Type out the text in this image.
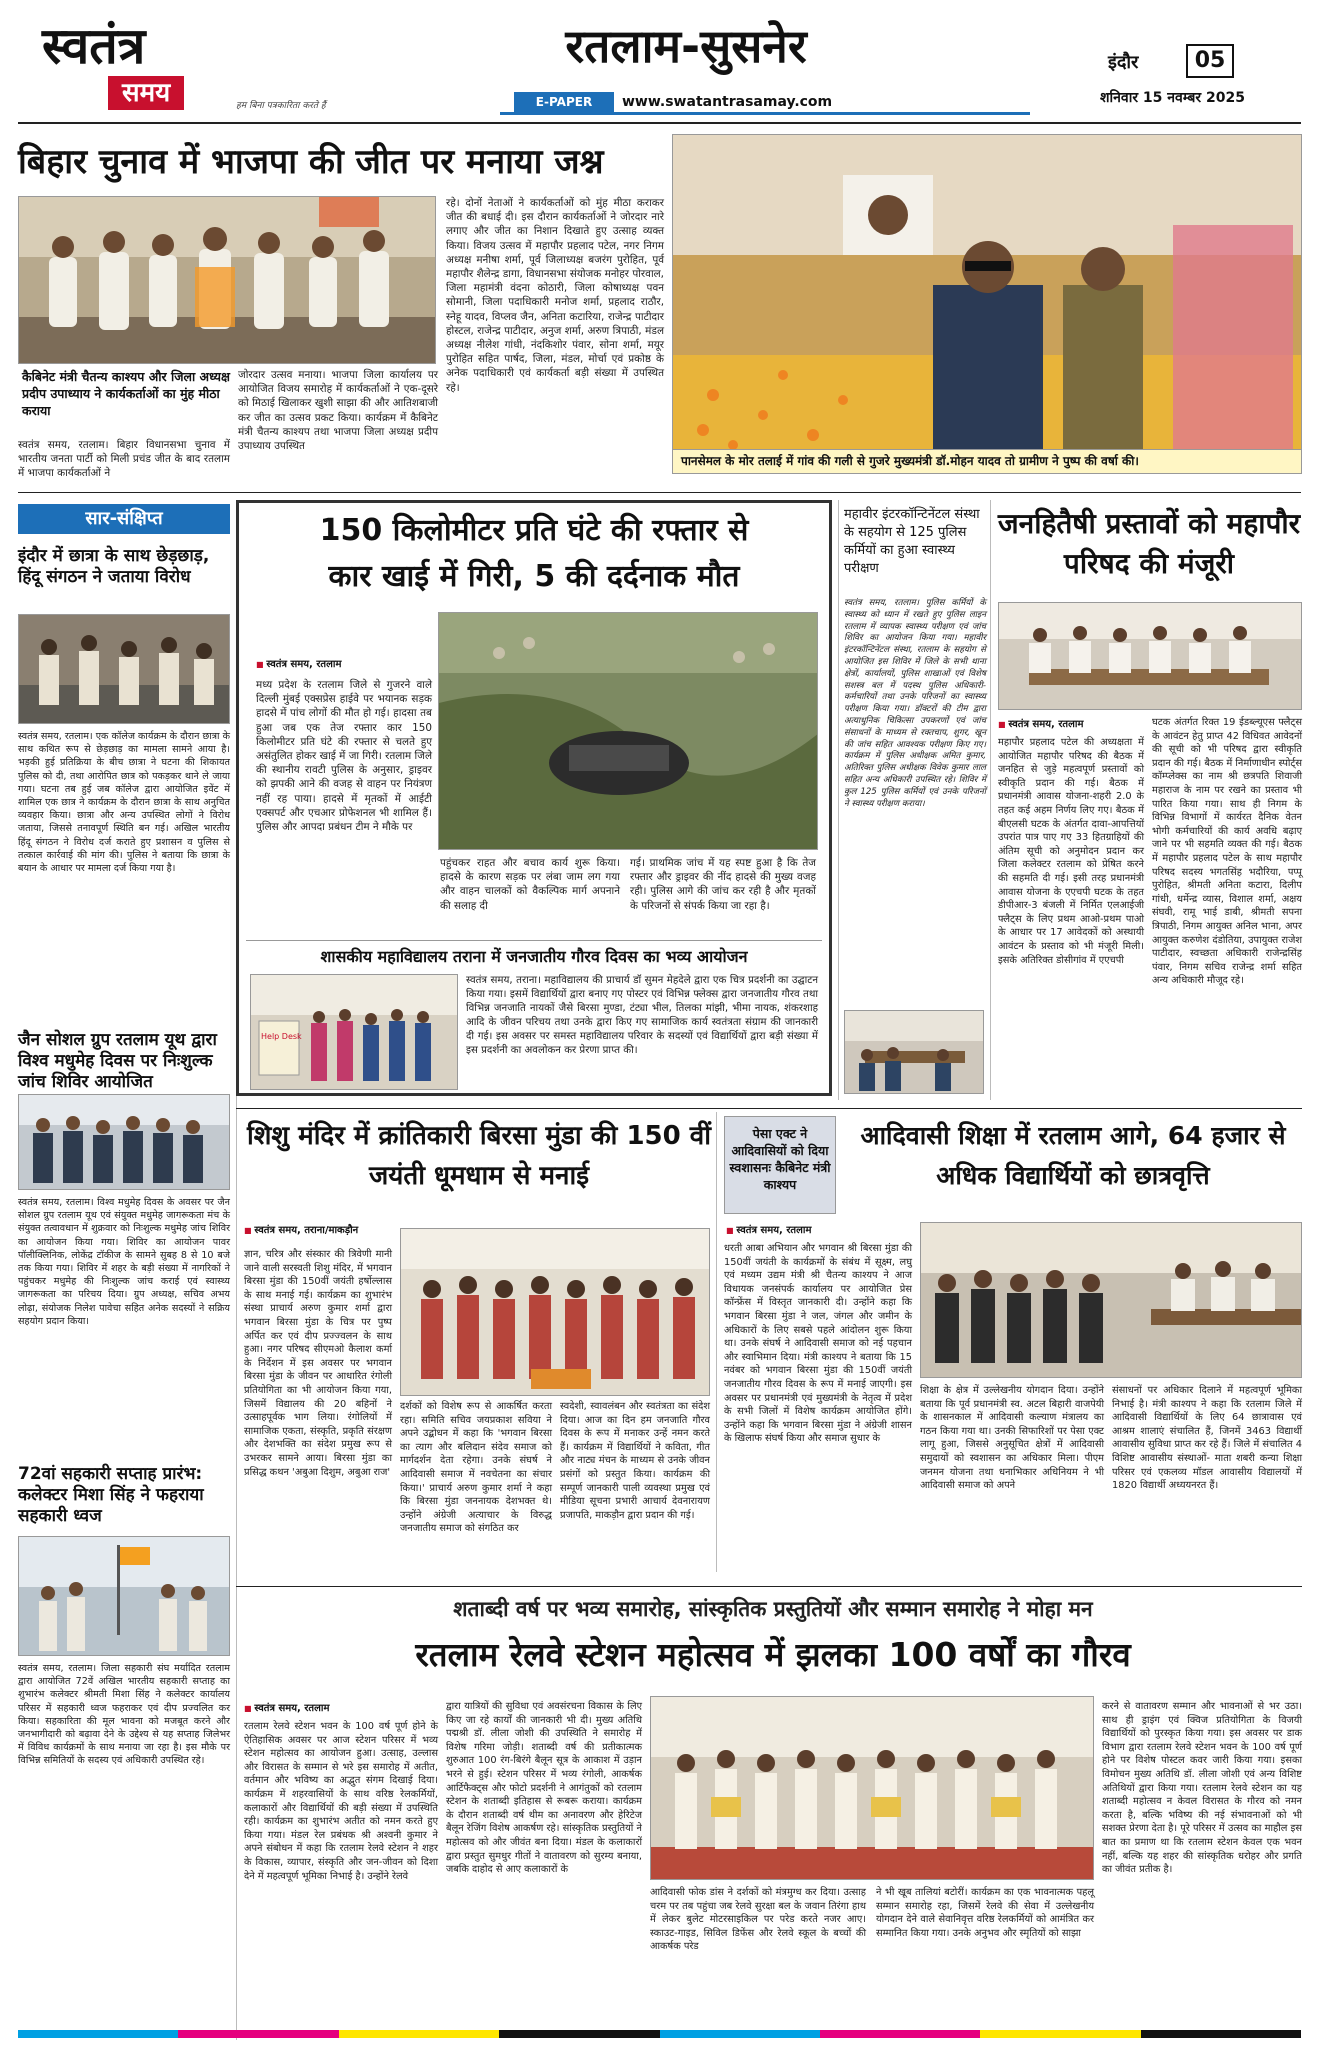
स्वतंत्र
समय	हम बिना पत्रकारिता करते हैं
रतलाम-सुसनेर
E-PAPER	www.swatantrasamay.com
इंदौर	05
शनिवार 15 नवम्बर 2025
बिहार चुनाव में भाजपा की जीत पर मनाया जश्न
कैबिनेट मंत्री चैतन्य काश्यप और जिला अध्यक्ष प्रदीप उपाध्याय ने कार्यकर्ताओं का मुंह मीठा कराया
स्वतंत्र समय, रतलाम। बिहार विधानसभा चुनाव में भारतीय जनता पार्टी को मिली प्रचंड जीत के बाद रतलाम में भाजपा कार्यकर्ताओं ने
जोरदार उत्सव मनाया। भाजपा जिला कार्यालय पर आयोजित विजय समारोह में कार्यकर्ताओं ने एक-दूसरे को मिठाई खिलाकर खुशी साझा की और आतिशबाजी कर जीत का उत्सव प्रकट किया। कार्यक्रम में कैबिनेट मंत्री चैतन्य काश्यप तथा भाजपा जिला अध्यक्ष प्रदीप उपाध्याय उपस्थित
रहे। दोनों नेताओं ने कार्यकर्ताओं को मुंह मीठा कराकर जीत की बधाई दी। इस दौरान कार्यकर्ताओं ने जोरदार नारे लगाए और जीत का निशान दिखाते हुए उत्साह व्यक्त किया। विजय उत्सव में महापौर प्रहलाद पटेल, नगर निगम अध्यक्ष मनीषा शर्मा, पूर्व जिलाध्यक्ष बजरंग पुरोहित, पूर्व महापौर शैलेन्द्र डागा, विधानसभा संयोजक मनोहर पोरवाल, जिला महामंत्री वंदना कोठारी, जिला कोषाध्यक्ष पवन सोमानी, जिला पदाधिकारी मनोज शर्मा, प्रहलाद राठौर, स्नेहू यादव, विप्लव जैन, अनिता कटारिया, राजेन्द्र पाटीदार होस्टल, राजेन्द्र पाटीदार, अनुज शर्मा, अरुण त्रिपाठी, मंडल अध्यक्ष नीलेश गांधी, नंदकिशोर पंवार, सोना शर्मा, मयूर पुरोहित सहित पार्षद, जिला, मंडल, मोर्चा एवं प्रकोष्ठ के अनेक पदाधिकारी एवं कार्यकर्ता बड़ी संख्या में उपस्थित रहे।
पानसेमल के मोर तलाई में गांव की गली से गुजरे मुख्यमंत्री डॉ.मोहन यादव तो ग्रामीण ने पुष्प की वर्षा की।
सार-संक्षिप्त
इंदौर में छात्रा के साथ छेड़छाड़, हिंदू संगठन ने जताया विरोध
स्वतंत्र समय, रतलाम। एक कॉलेज कार्यक्रम के दौरान छात्रा के साथ कथित रूप से छेड़छाड़ का मामला सामने आया है। भड़की हुई प्रतिक्रिया के बीच छात्रा ने घटना की शिकायत पुलिस को दी, तथा आरोपित छात्र को पकड़कर थाने ले जाया गया। घटना तब हुई जब कॉलेज द्वारा आयोजित इवेंट में शामिल एक छात्र ने कार्यक्रम के दौरान छात्रा के साथ अनुचित व्यवहार किया। छात्रा और अन्य उपस्थित लोगों ने विरोध जताया, जिससे तनावपूर्ण स्थिति बन गई। अखिल भारतीय हिंदू संगठन ने विरोध दर्ज कराते हुए प्रशासन व पुलिस से तत्काल कार्रवाई की मांग की। पुलिस ने बताया कि छात्रा के बयान के आधार पर मामला दर्ज किया गया है।
जैन सोशल ग्रुप रतलाम यूथ द्वारा विश्व मधुमेह दिवस पर निःशुल्क जांच शिविर आयोजित
स्वतंत्र समय, रतलाम। विश्व मधुमेह दिवस के अवसर पर जैन सोशल ग्रुप रतलाम यूथ एवं संयुक्त मधुमेह जागरूकता मंच के संयुक्त तत्वावधान में शुक्रवार को निःशुल्क मधुमेह जांच शिविर का आयोजन किया गया। शिविर का आयोजन पावर पॉलीक्लिनिक, लोकेंद्र टॉकीज के सामने सुबह 8 से 10 बजे तक किया गया। शिविर में शहर के बड़ी संख्या में नागरिकों ने पहुंचकर मधुमेह की निःशुल्क जांच कराई एवं स्वास्थ्य जागरूकता का परिचय दिया। ग्रुप अध्यक्ष, सचिव अभय लोढ़ा, संयोजक निलेश पावेचा सहित अनेक सदस्यों ने सक्रिय सहयोग प्रदान किया।
72वां सहकारी सप्ताह प्रारंभ: कलेक्टर मिशा सिंह ने फहराया सहकारी ध्वज
स्वतंत्र समय, रतलाम। जिला सहकारी संघ मर्यादित रतलाम द्वारा आयोजित 72वें अखिल भारतीय सहकारी सप्ताह का शुभारंभ कलेक्टर श्रीमती मिशा सिंह ने कलेक्टर कार्यालय परिसर में सहकारी ध्वज फहराकर एवं दीप प्रज्वलित कर किया। सहकारिता की मूल भावना को मजबूत करने और जनभागीदारी को बढ़ावा देने के उद्देश्य से यह सप्ताह जिलेभर में विविध कार्यक्रमों के साथ मनाया जा रहा है। इस मौके पर विभिन्न समितियों के सदस्य एवं अधिकारी उपस्थित रहे।
150 किलोमीटर प्रति घंटे की रफ्तार से
कार खाई में गिरी, 5 की दर्दनाक मौत
■ स्वतंत्र समय, रतलाम
मध्य प्रदेश के रतलाम जिले से गुजरने वाले दिल्ली मुंबई एक्सप्रेस हाईवे पर भयानक सड़क हादसे में पांच लोगों की मौत हो गई। हादसा तब हुआ जब एक तेज रफ्तार कार 150 किलोमीटर प्रति घंटे की रफ्तार से चलते हुए असंतुलित होकर खाई में जा गिरी। रतलाम जिले की स्थानीय रावटी पुलिस के अनुसार, ड्राइवर को झपकी आने की वजह से वाहन पर नियंत्रण नहीं रह पाया। हादसे में मृतकों में आईटी एक्सपर्ट और एचआर प्रोफेशनल भी शामिल हैं। पुलिस और आपदा प्रबंधन टीम ने मौके पर
पहुंचकर राहत और बचाव कार्य शुरू किया। हादसे के कारण सड़क पर लंबा जाम लग गया और वाहन चालकों को वैकल्पिक मार्ग अपनाने की सलाह दी
गई। प्राथमिक जांच में यह स्पष्ट हुआ है कि तेज रफ्तार और ड्राइवर की नींद हादसे की मुख्य वजह रही। पुलिस आगे की जांच कर रही है और मृतकों के परिजनों से संपर्क किया जा रहा है।
शासकीय महाविद्यालय तराना में जनजातीय गौरव दिवस का भव्य आयोजन
Help Desk
स्वतंत्र समय, तराना। महाविद्यालय की प्राचार्य डॉ सुमन मेहदेले द्वारा एक चित्र प्रदर्शनी का उद्घाटन किया गया। इसमें विद्यार्थियों द्वारा बनाए गए पोस्टर एवं विभिन्न फ्लेक्स द्वारा जनजातीय गौरव तथा विभिन्न जनजाति नायकों जैसे बिरसा मुण्डा, टंट्या भील, तिलका मांझी, भीमा नायक, शंकरशाह आदि के जीवन परिचय तथा उनके द्वारा किए गए सामाजिक कार्य स्वतंत्रता संग्राम की जानकारी दी गई। इस अवसर पर समस्त महाविद्यालय परिवार के सदस्यों एवं विद्यार्थियों द्वारा बड़ी संख्या में इस प्रदर्शनी का अवलोकन कर प्रेरणा प्राप्त की।
महावीर इंटरकॉन्टिनेंटल संस्था के सहयोग से 125 पुलिस कर्मियों का हुआ स्वास्थ्य परीक्षण
स्वतंत्र समय, रतलाम। पुलिस कर्मियों के स्वास्थ्य को ध्यान में रखते हुए पुलिस लाइन रतलाम में व्यापक स्वास्थ्य परीक्षण एवं जांच शिविर का आयोजन किया गया। महावीर इंटरकॉन्टिनेंटल संस्था, रतलाम के सहयोग से आयोजित इस शिविर में जिले के सभी थाना क्षेत्रों, कार्यालयों, पुलिस शाखाओं एवं विशेष सशस्त्र बल में पदस्थ पुलिस अधिकारी-कर्मचारियों तथा उनके परिजनों का स्वास्थ्य परीक्षण किया गया। डॉक्टरों की टीम द्वारा अत्याधुनिक चिकित्सा उपकरणों एवं जांच संसाधनों के माध्यम से रक्तचाप, शुगर, खून की जांच सहित आवश्यक परीक्षण किए गए। कार्यक्रम में पुलिस अधीक्षक अमित कुमार, अतिरिक्त पुलिस अधीक्षक विवेक कुमार लाल सहित अन्य अधिकारी उपस्थित रहे। शिविर में कुल 125 पुलिस कर्मियों एवं उनके परिजनों ने स्वास्थ्य परीक्षण कराया।
जनहितैषी प्रस्तावों को महापौर परिषद की मंजूरी
■ स्वतंत्र समय, रतलाम
महापौर प्रहलाद पटेल की अध्यक्षता में आयोजित महापौर परिषद की बैठक में जनहित से जुड़े महत्वपूर्ण प्रस्तावों को स्वीकृति प्रदान की गई। बैठक में प्रधानमंत्री आवास योजना-शहरी 2.0 के तहत कई अहम निर्णय लिए गए। बैठक में बीएलसी घटक के अंतर्गत दावा-आपत्तियों उपरांत पात्र पाए गए 33 हितग्राहियों की अंतिम सूची को अनुमोदन प्रदान कर जिला कलेक्टर रतलाम को प्रेषित करने की सहमति दी गई। इसी तरह प्रधानमंत्री आवास योजना के एएचपी घटक के तहत डीपीआर-3 बंजली में निर्मित एलआईजी फ्लैट्स के लिए प्रथम आओ-प्रथम पाओ के आधार पर 17 आवेदकों को अस्थायी आवंटन के प्रस्ताव को भी मंजूरी मिली। इसके अतिरिक्त डोसीगांव में एएचपी
घटक अंतर्गत रिक्त 19 ईडब्ल्यूएस फ्लैट्स के आवंटन हेतु प्राप्त 42 विधिवत आवेदनों की सूची को भी परिषद द्वारा स्वीकृति प्रदान की गई। बैठक में निर्माणाधीन स्पोर्ट्स कॉम्प्लेक्स का नाम श्री छत्रपति शिवाजी महाराज के नाम पर रखने का प्रस्ताव भी पारित किया गया। साथ ही निगम के विभिन्न विभागों में कार्यरत दैनिक वेतन भोगी कर्मचारियों की कार्य अवधि बढ़ाए जाने पर भी सहमति व्यक्त की गई। बैठक में महापौर प्रहलाद पटेल के साथ महापौर परिषद सदस्य भगतसिंह भदौरिया, पप्पू पुरोहित, श्रीमती अनिता कटारा, दिलीप गांधी, धर्मेन्द्र व्यास, विशाल शर्मा, अक्षय संघवी, रामू भाई डाबी, श्रीमती सपना त्रिपाठी, निगम आयुक्त अनिल भाना, अपर आयुक्त करुणेश दंडोतिया, उपायुक्त राजेश पाटीदार, स्वच्छता अधिकारी राजेन्द्रसिंह पंवार, निगम सचिव राजेन्द्र शर्मा सहित अन्य अधिकारी मौजूद रहे।
शिशु मंदिर में क्रांतिकारी बिरसा मुंडा की 150 वीं जयंती धूमधाम से मनाई
■ स्वतंत्र समय, तराना/माकड़ौन
ज्ञान, चरित्र और संस्कार की त्रिवेणी मानी जाने वाली सरस्वती शिशु मंदिर, में भगवान बिरसा मुंडा की 150वीं जयंती हर्षोल्लास के साथ मनाई गई। कार्यक्रम का शुभारंभ संस्था प्राचार्य अरुण कुमार शर्मा द्वारा भगवान बिरसा मुंडा के चित्र पर पुष्प अर्पित कर एवं दीप प्रज्ज्वलन के साथ हुआ। नगर परिषद सीएमओ कैलाश कर्मा के निर्देशन में इस अवसर पर भगवान बिरसा मुंडा के जीवन पर आधारित रंगोली प्रतियोगिता का भी आयोजन किया गया, जिसमें विद्यालय की 20 बहिनों ने उत्साहपूर्वक भाग लिया। रंगोलियों में सामाजिक एकता, संस्कृति, प्रकृति संरक्षण और देशभक्ति का संदेश प्रमुख रूप से उभरकर सामने आया। बिरसा मुंडा का प्रसिद्ध कथन 'अबुआ दिशुम, अबुआ राज'
दर्शकों को विशेष रूप से आकर्षित करता रहा। समिति सचिव जयप्रकाश सविया ने अपने उद्बोधन में कहा कि 'भगवान बिरसा का त्याग और बलिदान संदेव समाज को मार्गदर्शन देता रहेगा। उनके संघर्ष ने आदिवासी समाज में नवचेतना का संचार किया।' प्राचार्य अरुण कुमार शर्मा ने कहा कि बिरसा मुंडा जननायक देशभक्त थे। उन्होंने अंग्रेजी अत्याचार के विरुद्ध जनजातीय समाज को संगठित कर
स्वदेशी, स्वावलंबन और स्वतंत्रता का संदेश दिया। आज का दिन हम जनजाति गौरव दिवस के रूप में मनाकर उन्हें नमन करते हैं। कार्यक्रम में विद्यार्थियों ने कविता, गीत और नाट्य मंचन के माध्यम से उनके जीवन प्रसंगों को प्रस्तुत किया। कार्यक्रम की सम्पूर्ण जानकारी पाली व्यवस्था प्रमुख एवं मीडिया सूचना प्रभारी आचार्य देवनारायण प्रजापति, माकड़ौन द्वारा प्रदान की गई।
पेसा एक्ट ने आदिवासियों को दिया स्वशासनः कैबिनेट मंत्री काश्यप
आदिवासी शिक्षा में रतलाम आगे, 64 हजार से अधिक विद्यार्थियों को छात्रवृत्ति
■ स्वतंत्र समय, रतलाम
धरती आबा अभियान और भगवान श्री बिरसा मुंडा की 150वीं जयंती के कार्यक्रमों के संबंध में सूक्ष्म, लघु एवं मध्यम उद्यम मंत्री श्री चैतन्य काश्यप ने आज विधायक जनसंपर्क कार्यालय पर आयोजित प्रेस कॉन्फ्रेंस में विस्तृत जानकारी दी। उन्होंने कहा कि भगवान बिरसा मुंडा ने जल, जंगल और जमीन के अधिकारों के लिए सबसे पहले आंदोलन शुरू किया था। उनके संघर्ष ने आदिवासी समाज को नई पहचान और स्वाभिमान दिया। मंत्री काश्यप ने बताया कि 15 नवंबर को भगवान बिरसा मुंडा की 150वीं जयंती जनजातीय गौरव दिवस के रूप में मनाई जाएगी। इस अवसर पर प्रधानमंत्री एवं मुख्यमंत्री के नेतृत्व में प्रदेश के सभी जिलों में विशेष कार्यक्रम आयोजित होंगे। उन्होंने कहा कि भगवान बिरसा मुंडा ने अंग्रेजी शासन के खिलाफ संघर्ष किया और समाज सुधार के
शिक्षा के क्षेत्र में उल्लेखनीय योगदान दिया। उन्होंने बताया कि पूर्व प्रधानमंत्री स्व. अटल बिहारी वाजपेयी के शासनकाल में आदिवासी कल्याण मंत्रालय का गठन किया गया था। उनकी सिफारिशों पर पेसा एक्ट लागू हुआ, जिससे अनुसूचित क्षेत्रों में आदिवासी समुदायों को स्वशासन का अधिकार मिला। पीएम जनमन योजना तथा धनाभिकार अधिनियम ने भी आदिवासी समाज को अपने
संसाधनों पर अधिकार दिलाने में महत्वपूर्ण भूमिका निभाई है। मंत्री काश्यप ने कहा कि रतलाम जिले में आदिवासी विद्यार्थियों के लिए 64 छात्रावास एवं आश्रम शालाएं संचालित हैं, जिनमें 3463 विद्यार्थी आवासीय सुविधा प्राप्त कर रहे हैं। जिले में संचालित 4 विशिष्ट आवासीय संस्थाओं- माता शबरी कन्या शिक्षा परिसर एवं एकलव्य मॉडल आवासीय विद्यालयों में 1820 विद्यार्थी अध्ययनरत हैं।
शताब्दी वर्ष पर भव्य समारोह, सांस्कृतिक प्रस्तुतियों और सम्मान समारोह ने मोहा मन
रतलाम रेलवे स्टेशन महोत्सव में झलका 100 वर्षों का गौरव
■ स्वतंत्र समय, रतलाम
रतलाम रेलवे स्टेशन भवन के 100 वर्ष पूर्ण होने के ऐतिहासिक अवसर पर आज स्टेशन परिसर में भव्य स्टेशन महोत्सव का आयोजन हुआ। उत्साह, उल्लास और विरासत के सम्मान से भरे इस समारोह में अतीत, वर्तमान और भविष्य का अद्भुत संगम दिखाई दिया। कार्यक्रम में शहरवासियों के साथ वरिष्ठ रेलकर्मियों, कलाकारों और विद्यार्थियों की बड़ी संख्या में उपस्थिति रही। कार्यक्रम का शुभारंभ अतीत को नमन करते हुए किया गया। मंडल रेल प्रबंधक श्री अश्वनी कुमार ने अपने संबोधन में कहा कि रतलाम रेलवे स्टेशन ने शहर के विकास, व्यापार, संस्कृति और जन-जीवन को दिशा देने में महत्वपूर्ण भूमिका निभाई है। उन्होंने रेलवे
द्वारा यात्रियों की सुविधा एवं अवसंरचना विकास के लिए किए जा रहे कार्यों की जानकारी भी दी। मुख्य अतिथि पद्मश्री डॉ. लीला जोशी की उपस्थिति ने समारोह में विशेष गरिमा जोड़ी। शताब्दी वर्ष की प्रतीकात्मक शुरुआत 100 रंग-बिरंगे बैलून सूत्र के आकाश में उड़ान भरने से हुई। स्टेशन परिसर में भव्य रंगोली, आकर्षक आर्टिफैक्ट्स और फोटो प्रदर्शनी ने आगंतुकों को रतलाम स्टेशन के शताब्दी इतिहास से रूबरू कराया। कार्यक्रम के दौरान शताब्दी वर्ष थीम का अनावरण और हेरिटेज बैलून रेजिंग विशेष आकर्षण रहे। सांस्कृतिक प्रस्तुतियों ने महोत्सव को और जीवंत बना दिया। मंडल के कलाकारों द्वारा प्रस्तुत सुमधुर गीतों ने वातावरण को सुरम्य बनाया, जबकि दाहोद से आए कलाकारों के
आदिवासी फोक डांस ने दर्शकों को मंत्रमुग्ध कर दिया। उत्साह चरम पर तब पहुंचा जब रेलवे सुरक्षा बल के जवान तिरंगा हाथ में लेकर बुलेट मोटरसाइकिल पर परेड करते नजर आए। स्काउट-गाइड, सिविल डिफेंस और रेलवे स्कूल के बच्चों की आकर्षक परेड
ने भी खूब तालियां बटोरीं। कार्यक्रम का एक भावनात्मक पहलू सम्मान समारोह रहा, जिसमें रेलवे की सेवा में उल्लेखनीय योगदान देने वाले सेवानिवृत्त वरिष्ठ रेलकर्मियों को आमंत्रित कर सम्मानित किया गया। उनके अनुभव और स्मृतियों को साझा
करने से वातावरण सम्मान और भावनाओं से भर उठा। साथ ही ड्राइंग एवं क्विज प्रतियोगिता के विजयी विद्यार्थियों को पुरस्कृत किया गया। इस अवसर पर डाक विभाग द्वारा रतलाम रेलवे स्टेशन भवन के 100 वर्ष पूर्ण होने पर विशेष पोस्टल कवर जारी किया गया। इसका विमोचन मुख्य अतिथि डॉ. लीला जोशी एवं अन्य विशिष्ट अतिथियों द्वारा किया गया। रतलाम रेलवे स्टेशन का यह शताब्दी महोत्सव न केवल विरासत के गौरव को नमन करता है, बल्कि भविष्य की नई संभावनाओं को भी सशक्त प्रेरणा देता है। पूरे परिसर में उत्सव का माहौल इस बात का प्रमाण था कि रतलाम स्टेशन केवल एक भवन नहीं, बल्कि यह शहर की सांस्कृतिक धरोहर और प्रगति का जीवंत प्रतीक है।
